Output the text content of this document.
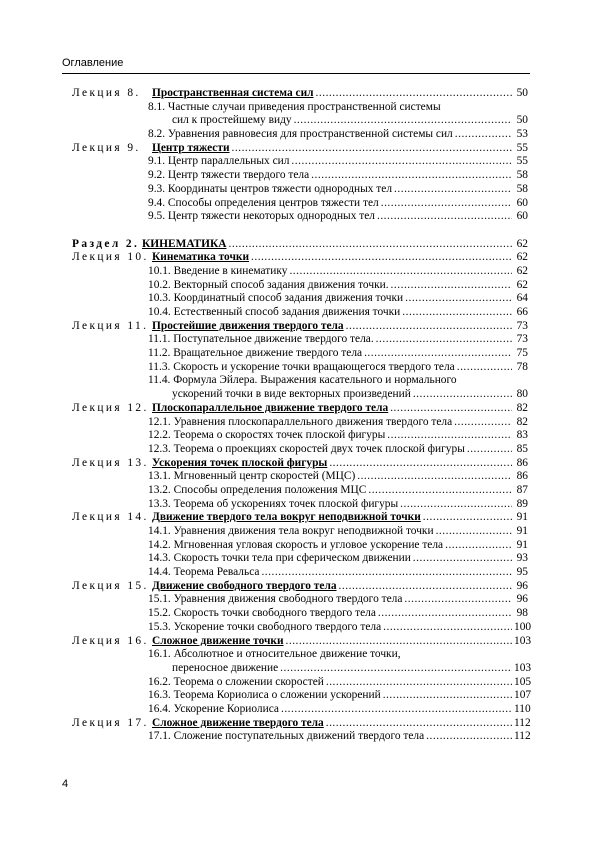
Оглавление
Лекция 8. Пространственная система сил .....	50
8.1. Частные случаи приведения пространственной системы
сил к простейшему виду .....	50
8.2. Уравнения равновесия для пространственной системы сил .....	53
Лекция 9. Центр тяжести .....	55
9.1. Центр параллельных сил .....	55
9.2. Центр тяжести твердого тела .....	58
9.3. Координаты центров тяжести однородных тел .....	58
9.4. Способы определения центров тяжести тел .....	60
9.5. Центр тяжести некоторых однородных тел .....	60
Раздел 2. КИНЕМАТИКА .....	62
Лекция 10. Кинематика точки .....	62
10.1. Введение в кинематику .....	62
10.2. Векторный способ задания движения точки. .....	62
10.3. Координатный способ задания движения точки .....	64
10.4. Естественный способ задания движения точки .....	66
Лекция 11. Простейшие движения твердого тела .....	73
11.1. Поступательное движение твердого тела. .....	73
11.2. Вращательное движение твердого тела .....	75
11.3. Скорость и ускорение точки вращающегося твердого тела .....	78
11.4. Формула Эйлера. Выражения касательного и нормального
ускорений точки в виде векторных произведений .....	80
Лекция 12. Плоскопараллельное движение твердого тела .....	82
12.1. Уравнения плоскопараллельного движения твердого тела .....	82
12.2. Теорема о скоростях точек плоской фигуры .....	83
12.3. Теорема о проекциях скоростей двух точек плоской фигуры .....	85
Лекция 13. Ускорения точек плоской фигуры .....	86
13.1. Мгновенный центр скоростей (МЦС) .....	86
13.2. Способы определения положения МЦС .....	87
13.3. Теорема об ускорениях точек плоской фигуры .....	89
Лекция 14. Движение твердого тела вокруг неподвижной точки .....	91
14.1. Уравнения движения тела вокруг неподвижной точки .....	91
14.2. Мгновенная угловая скорость и угловое ускорение тела .....	91
14.3. Скорость точки тела при сферическом движении .....	93
14.4. Теорема Ревальса .....	95
Лекция 15. Движение свободного твердого тела .....	96
15.1. Уравнения движения свободного твердого тела .....	96
15.2. Скорость точки свободного твердого тела .....	98
15.3. Ускорение точки свободного твердого тела .....	100
Лекция 16. Сложное движение точки .....	103
16.1. Абсолютное и относительное движение точки,
переносное движение .....	103
16.2. Теорема о сложении скоростей .....	105
16.3. Теорема Кориолиса о сложении ускорений .....	107
16.4. Ускорение Кориолиса .....	110
Лекция 17. Сложное движение твердого тела .....	112
17.1. Сложение поступательных движений твердого тела .....	112
4
